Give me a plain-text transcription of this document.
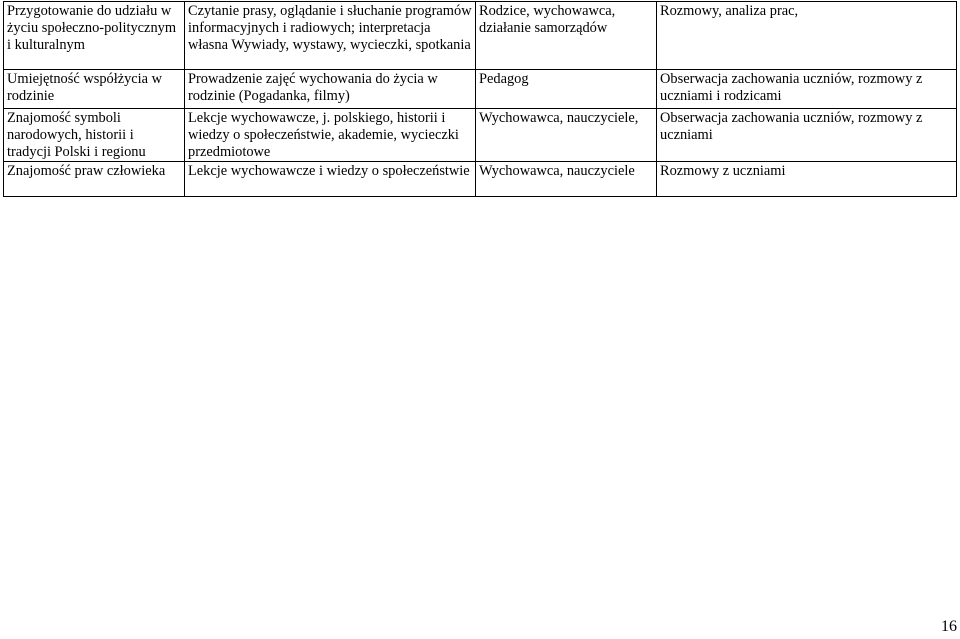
Przygotowanie do udziału w życiu społeczno-politycznym i kulturalnym	Czytanie prasy, oglądanie i słuchanie programów informacyjnych i radiowych; interpretacja własna Wywiady, wystawy, wycieczki, spotkania	Rodzice, wychowawca, działanie samorządów	Rozmowy, analiza prac,
Umiejętność współżycia w rodzinie	Prowadzenie zajęć wychowania do życia w rodzinie (Pogadanka, filmy)	Pedagog	Obserwacja zachowania uczniów, rozmowy z uczniami i rodzicami
Znajomość symboli narodowych, historii i tradycji Polski i regionu	Lekcje wychowawcze, j. polskiego, historii i wiedzy o społeczeństwie, akademie, wycieczki przedmiotowe	Wychowawca, nauczyciele,	Obserwacja zachowania uczniów, rozmowy z uczniami
Znajomość praw człowieka	Lekcje wychowawcze i wiedzy o społeczeństwie	Wychowawca, nauczyciele	Rozmowy z uczniami
16
